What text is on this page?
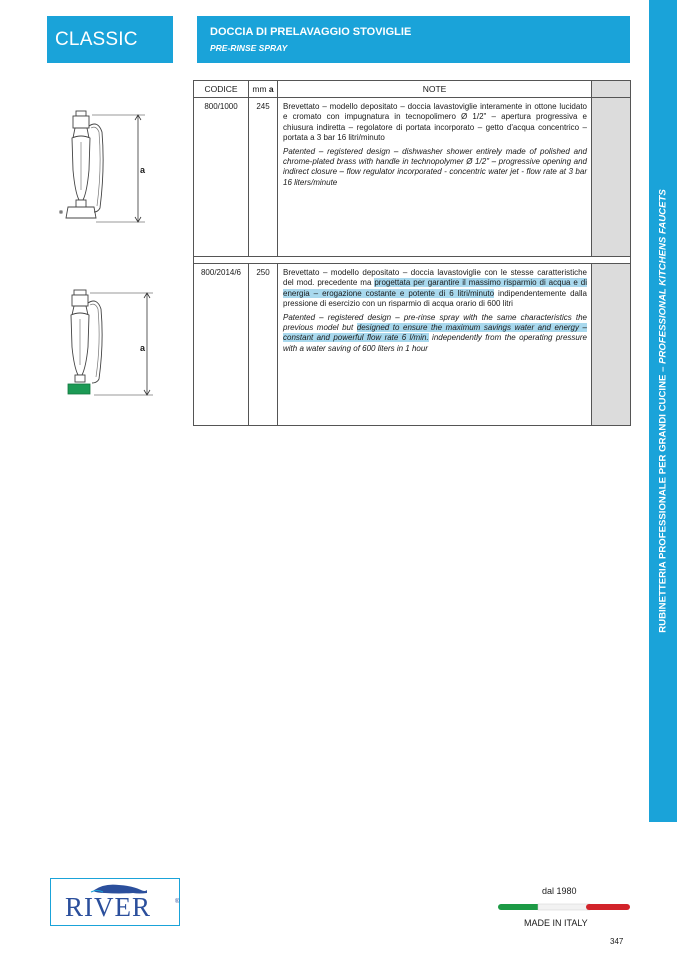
CLASSIC	DOCCIA DI PRELAVAGGIO STOVIGLIE
PRE-RINSE SPRAY
RUBINETTERIA PROFESSIONALE PER GRANDI CUCINE – PROFESSIONAL KITCHENS FAUCETS
CODICE	mm a	NOTE	
800/1000	245	Brevettato – modello depositato – doccia lavastoviglie interamente in ottone lucidato e cromato con impugnatura in tecnopolimero Ø 1/2" – apertura progressiva e chiusura indiretta – regolatore di portata incorporato – getto d'acqua concentrico – portata a 3 bar 16 litri/minuto

Patented – registered design – dishwasher shower entirely made of polished and chrome-plated brass with handle in technopolymer Ø 1/2" – progressive opening and indirect closure – flow regulator incorporated - concentric water jet - flow rate at 3 bar 16 liters/minute	

800/2014/6	250	Brevettato – modello depositato – doccia lavastoviglie con le stesse caratteristiche del mod. precedente ma progettata per garantire il massimo risparmio di acqua e di energia – erogazione costante e potente di 6 litri/minuto indipendentemente dalla pressione di esercizio con un risparmio di acqua orario di 600 litri

Patented – registered design – pre-rinse spray with the same characteristics the previous model but designed to ensure the maximum savings water and energy – constant and powerful flow rate 6 l/min. independently from the operating pressure with a water saving of 600 liters in 1 hour	

a
a
RIVER	®
dal 1980
MADE IN ITALY
347
